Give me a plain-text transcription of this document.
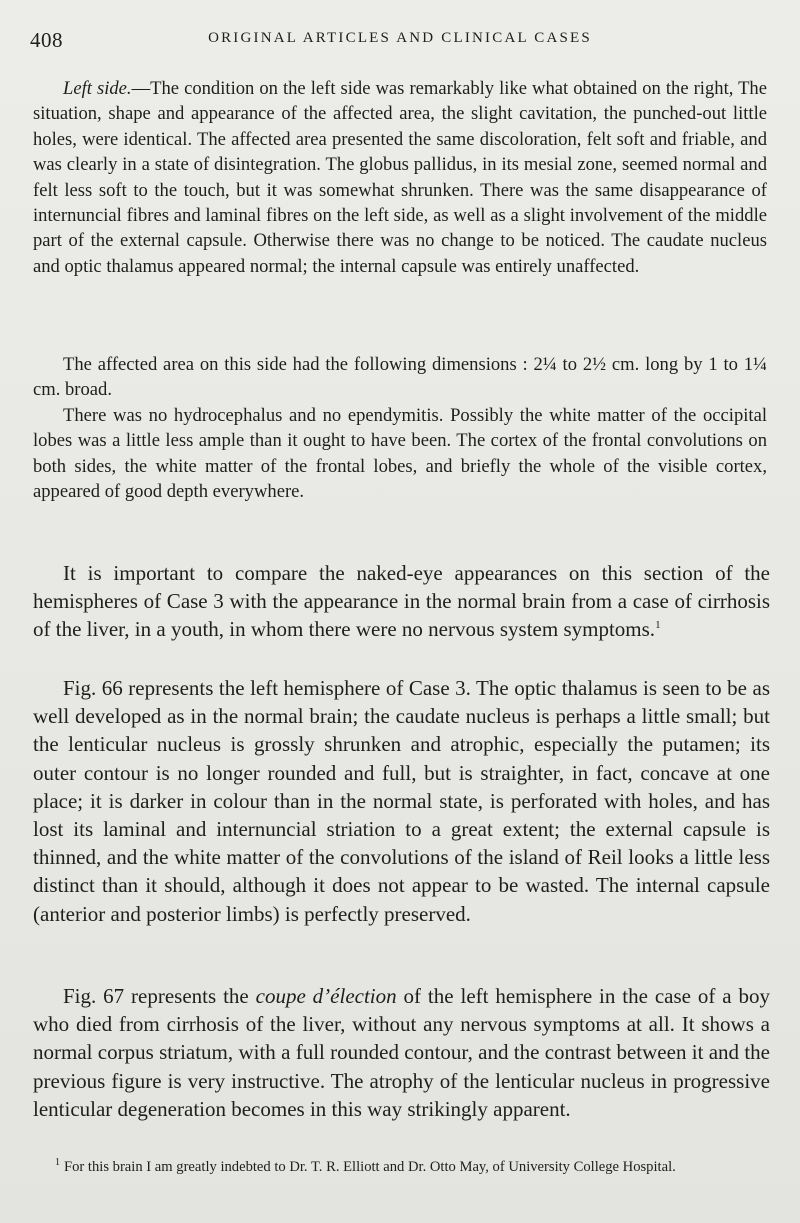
408	ORIGINAL ARTICLES AND CLINICAL CASES

Left side.—The condition on the left side was remarkably like what obtained on the right, The situation, shape and appearance of the affected area, the slight cavitation, the punched-out little holes, were identical. The affected area presented the same discoloration, felt soft and friable, and was clearly in a state of disintegration. The globus pallidus, in its mesial zone, seemed normal and felt less soft to the touch, but it was somewhat shrunken. There was the same disappearance of internuncial fibres and laminal fibres on the left side, as well as a slight involvement of the middle part of the external capsule. Otherwise there was no change to be noticed. The caudate nucleus and optic thalamus appeared normal; the internal capsule was entirely unaffected.

The affected area on this side had the following dimensions : 2¼ to 2½ cm. long by 1 to 1¼ cm. broad.

There was no hydrocephalus and no ependymitis. Possibly the white matter of the occipital lobes was a little less ample than it ought to have been. The cortex of the frontal convolutions on both sides, the white matter of the frontal lobes, and briefly the whole of the visible cortex, appeared of good depth everywhere.

It is important to compare the naked-eye appearances on this section of the hemispheres of Case 3 with the appearance in the normal brain from a case of cirrhosis of the liver, in a youth, in whom there were no nervous system symptoms.$^1$

Fig. 66 represents the left hemisphere of Case 3. The optic thalamus is seen to be as well developed as in the normal brain; the caudate nucleus is perhaps a little small; but the lenticular nucleus is grossly shrunken and atrophic, especially the putamen; its outer contour is no longer rounded and full, but is straighter, in fact, concave at one place; it is darker in colour than in the normal state, is perforated with holes, and has lost its laminal and internuncial striation to a great extent; the external capsule is thinned, and the white matter of the convolutions of the island of Reil looks a little less distinct than it should, although it does not appear to be wasted. The internal capsule (anterior and posterior limbs) is perfectly preserved.

Fig. 67 represents the coupe d’élection of the left hemisphere in the case of a boy who died from cirrhosis of the liver, without any nervous symptoms at all. It shows a normal corpus striatum, with a full rounded contour, and the contrast between it and the previous figure is very instructive. The atrophy of the lenticular nucleus in progressive lenticular degeneration becomes in this way strikingly apparent.

$^1$ For this brain I am greatly indebted to Dr. T. R. Elliott and Dr. Otto May, of University College Hospital.
